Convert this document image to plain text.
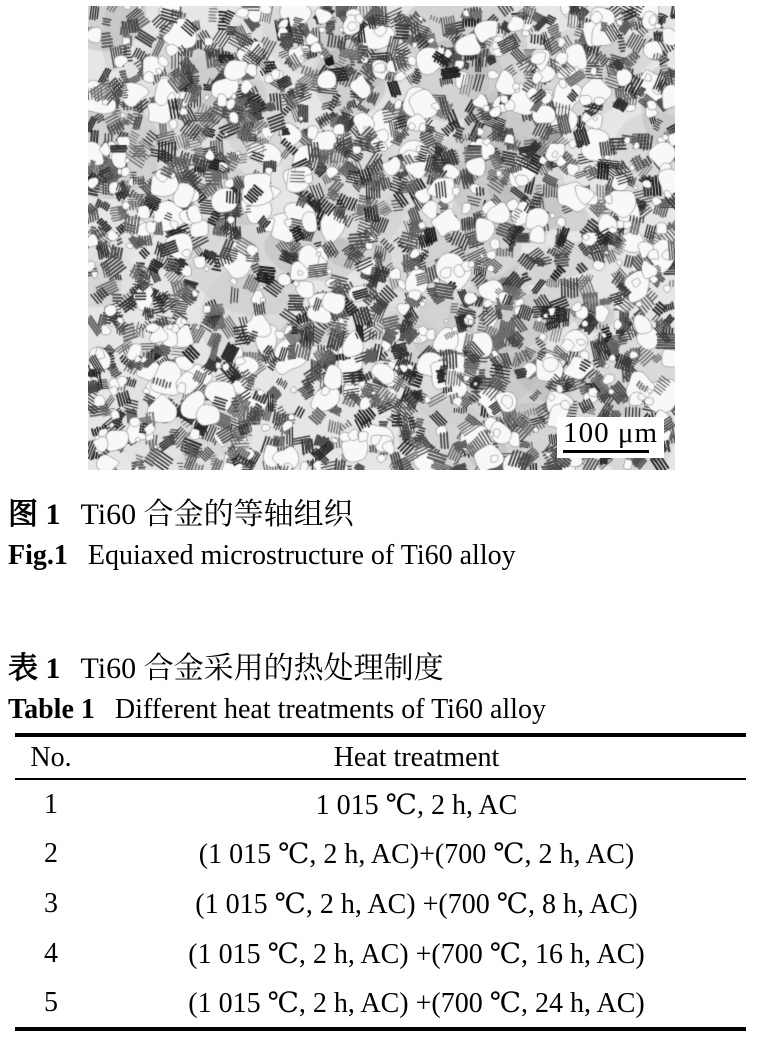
100 μm

图 1 Ti60 合金的等轴组织

Fig.1 Equiaxed microstructure of Ti60 alloy

表 1 Ti60 合金采用的热处理制度

Table 1 Different heat treatments of Ti60 alloy

No.	Heat treatment
1	1 015 ℃, 2 h, AC
2	(1 015 ℃, 2 h, AC)+(700 ℃, 2 h, AC)
3	(1 015 ℃, 2 h, AC) +(700 ℃, 8 h, AC)
4	(1 015 ℃, 2 h, AC) +(700 ℃, 16 h, AC)
5	(1 015 ℃, 2 h, AC) +(700 ℃, 24 h, AC)
